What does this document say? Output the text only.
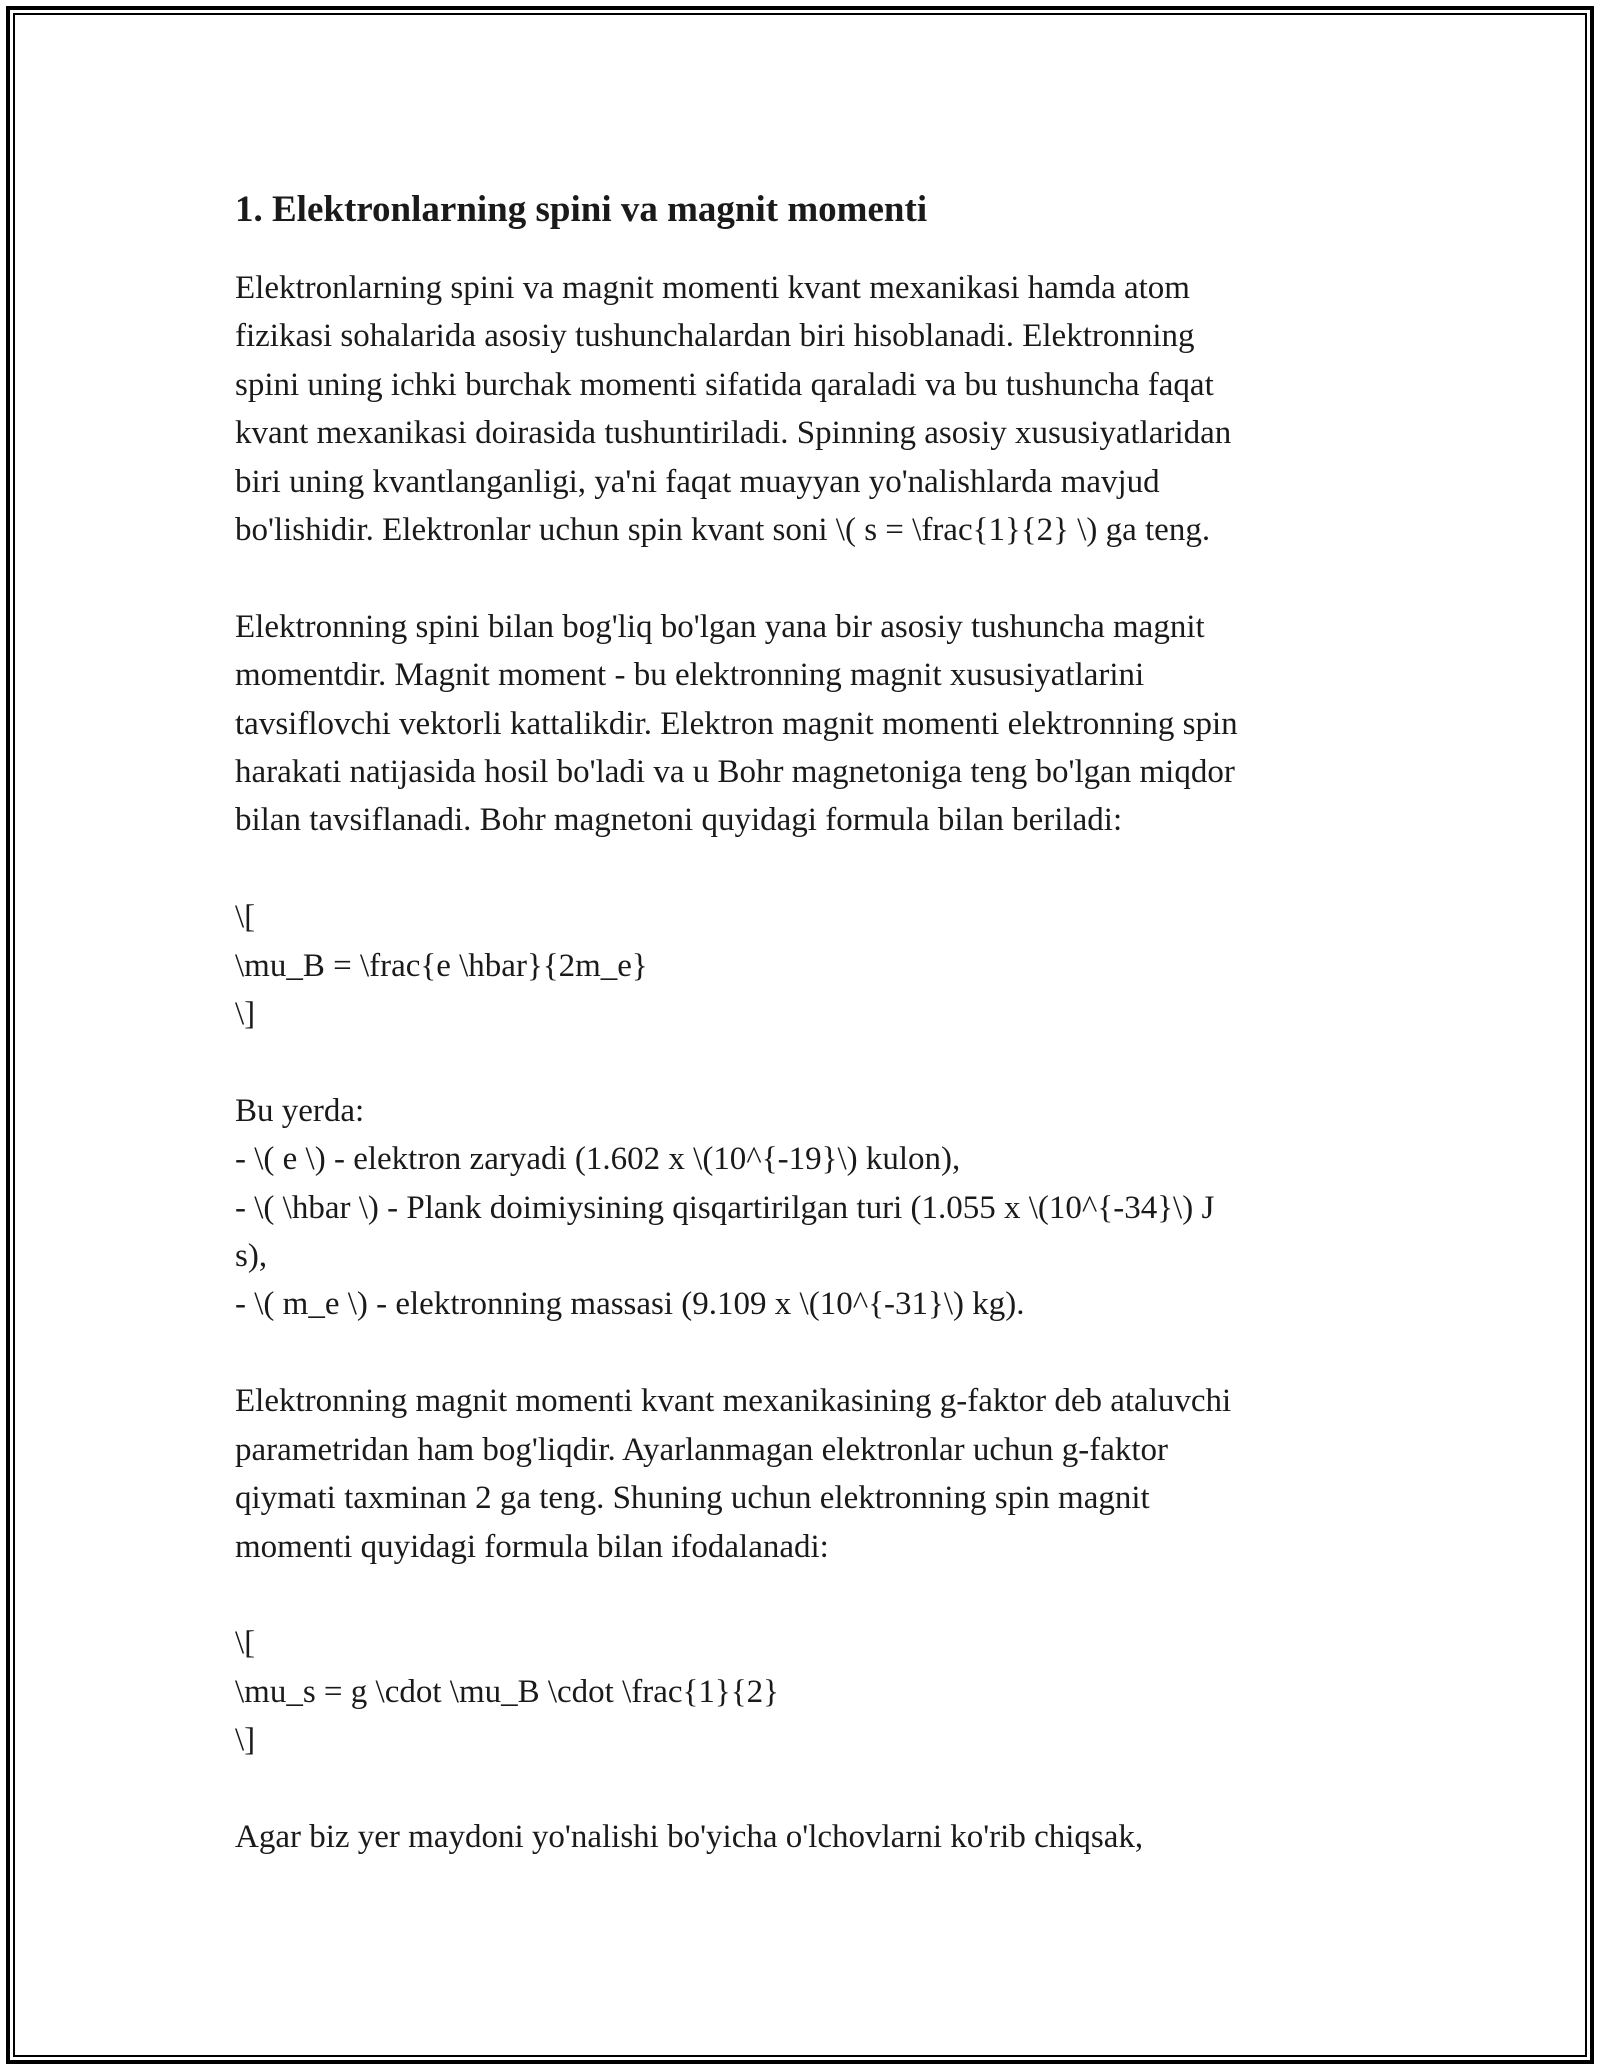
1. Elektronlarning spini va magnit momenti
Elektronlarning spini va magnit momenti kvant mexanikasi hamda atom
fizikasi sohalarida asosiy tushunchalardan biri hisoblanadi. Elektronning
spini uning ichki burchak momenti sifatida qaraladi va bu tushuncha faqat
kvant mexanikasi doirasida tushuntiriladi. Spinning asosiy xususiyatlaridan
biri uning kvantlanganligi, ya'ni faqat muayyan yo'nalishlarda mavjud
bo'lishidir. Elektronlar uchun spin kvant soni \( s = \frac{1}{2} \) ga teng.
Elektronning spini bilan bog'liq bo'lgan yana bir asosiy tushuncha magnit
momentdir. Magnit moment - bu elektronning magnit xususiyatlarini
tavsiflovchi vektorli kattalikdir. Elektron magnit momenti elektronning spin
harakati natijasida hosil bo'ladi va u Bohr magnetoniga teng bo'lgan miqdor
bilan tavsiflanadi. Bohr magnetoni quyidagi formula bilan beriladi:
\[
\mu_B = \frac{e \hbar}{2m_e}
\]
Bu yerda:
- \( e \) - elektron zaryadi (1.602 x \(10^{-19}\) kulon),
- \( \hbar \) - Plank doimiysining qisqartirilgan turi (1.055 x \(10^{-34}\) J
s),
- \( m_e \) - elektronning massasi (9.109 x \(10^{-31}\) kg).
Elektronning magnit momenti kvant mexanikasining g-faktor deb ataluvchi
parametridan ham bog'liqdir. Ayarlanmagan elektronlar uchun g-faktor
qiymati taxminan 2 ga teng. Shuning uchun elektronning spin magnit
momenti quyidagi formula bilan ifodalanadi:
\[
\mu_s = g \cdot \mu_B \cdot \frac{1}{2}
\]
Agar biz yer maydoni yo'nalishi bo'yicha o'lchovlarni ko'rib chiqsak,
